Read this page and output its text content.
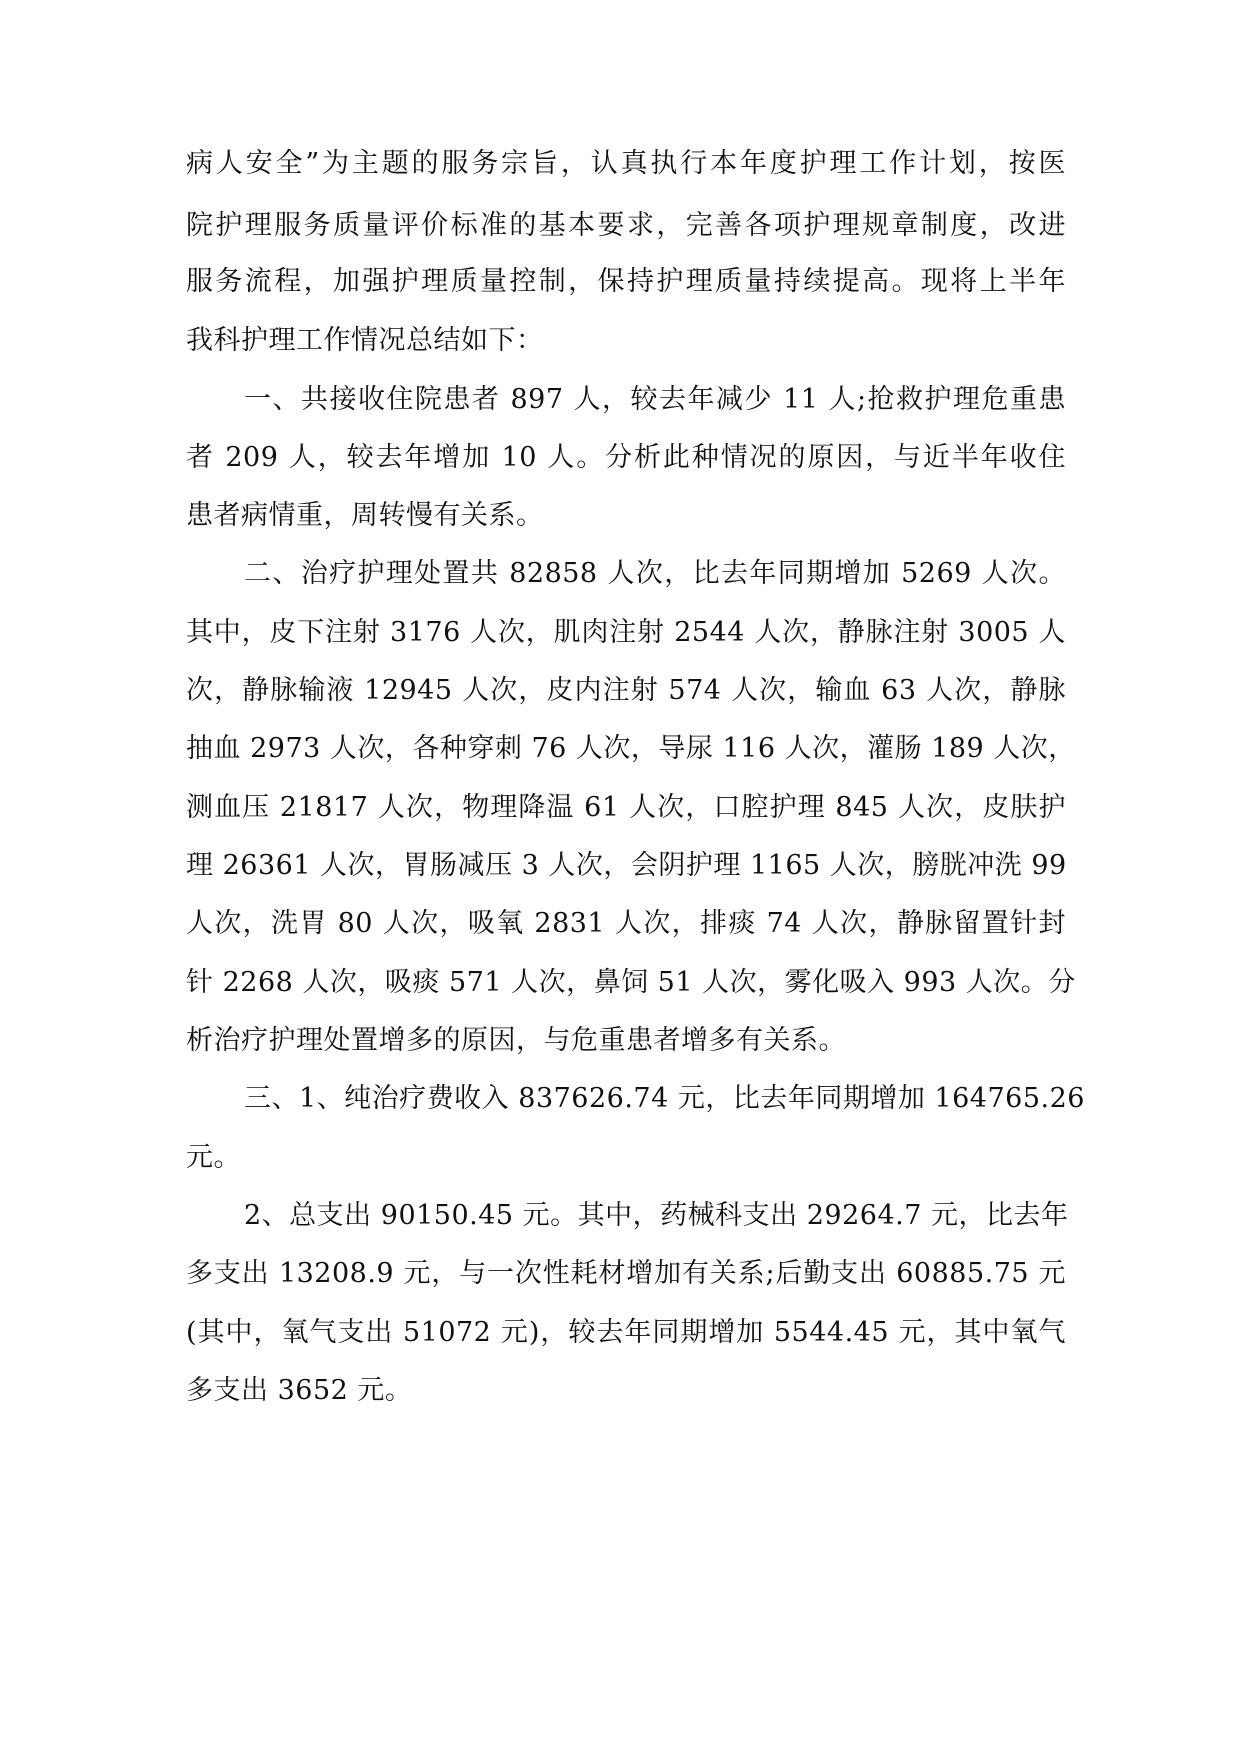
病人安全”为主题的服务宗旨，认真执行本年度护理工作计划，按医
院护理服务质量评价标准的基本要求，完善各项护理规章制度，改进
服务流程，加强护理质量控制，保持护理质量持续提高。现将上半年
我科护理工作情况总结如下：
一、共接收住院患者 897 人，较去年减少 11 人;抢救护理危重患
者 209 人，较去年增加 10 人。分析此种情况的原因，与近半年收住
患者病情重，周转慢有关系。
二、治疗护理处置共 82858 人次，比去年同期增加 5269 人次。
其中，皮下注射 3176 人次，肌肉注射 2544 人次，静脉注射 3005 人
次，静脉输液 12945 人次，皮内注射 574 人次，输血 63 人次，静脉
抽血 2973 人次，各种穿刺 76 人次，导尿 116 人次，灌肠 189 人次，
测血压 21817 人次，物理降温 61 人次，口腔护理 845 人次，皮肤护
理 26361 人次，胃肠减压 3 人次，会阴护理 1165 人次，膀胱冲洗 99
人次，洗胃 80 人次，吸氧 2831 人次，排痰 74 人次，静脉留置针封
针 2268 人次，吸痰 571 人次，鼻饲 51 人次，雾化吸入 993 人次。分
析治疗护理处置增多的原因，与危重患者增多有关系。
三、1、纯治疗费收入 837626.74 元，比去年同期增加 164765.26
元。
2、总支出 90150.45 元。其中，药械科支出 29264.7 元，比去年
多支出 13208.9 元，与一次性耗材增加有关系;后勤支出 60885.75 元
(其中，氧气支出 51072 元)，较去年同期增加 5544.45 元，其中氧气
多支出 3652 元。
